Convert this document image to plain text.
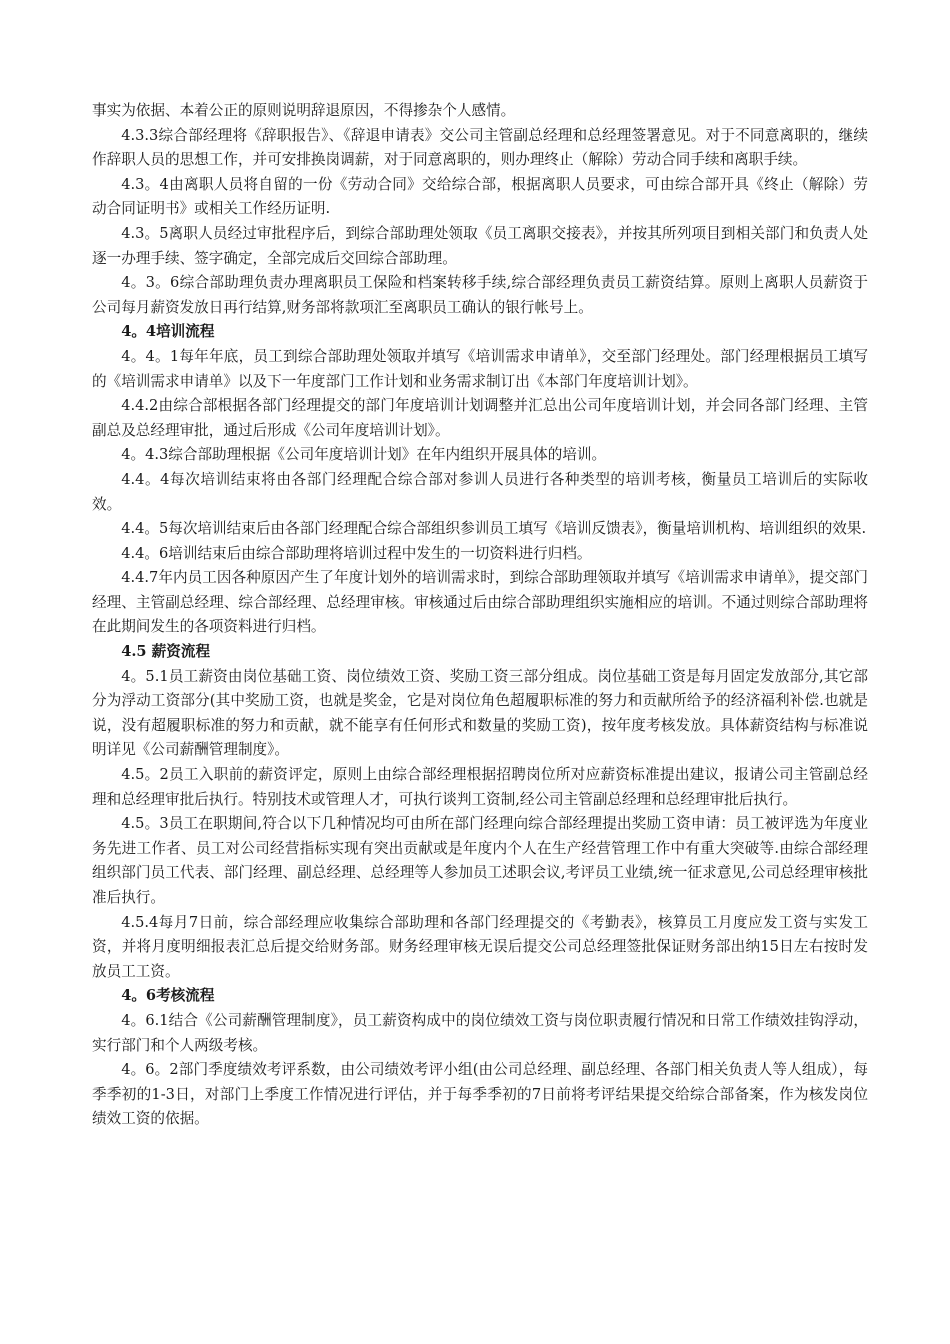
事实为依据、本着公正的原则说明辞退原因，不得掺杂个人感情。

4.3.3综合部经理将《辞职报告》、《辞退申请表》交公司主管副总经理和总经理签署意见。对于不同意离职的，继续作辞职人员的思想工作，并可安排换岗调薪，对于同意离职的，则办理终止（解除）劳动合同手续和离职手续。

4.3。4由离职人员将自留的一份《劳动合同》交给综合部，根据离职人员要求，可由综合部开具《终止（解除）劳动合同证明书》或相关工作经历证明.

4.3。5离职人员经过审批程序后，到综合部助理处领取《员工离职交接表》，并按其所列项目到相关部门和负责人处逐一办理手续、签字确定，全部完成后交回综合部助理。

4。3。6综合部助理负责办理离职员工保险和档案转移手续,综合部经理负责员工薪资结算。原则上离职人员薪资于公司每月薪资发放日再行结算,财务部将款项汇至离职员工确认的银行帐号上。

4。4培训流程

4。4。1每年年底，员工到综合部助理处领取并填写《培训需求申请单》，交至部门经理处。部门经理根据员工填写的《培训需求申请单》以及下一年度部门工作计划和业务需求制订出《本部门年度培训计划》。

4.4.2由综合部根据各部门经理提交的部门年度培训计划调整并汇总出公司年度培训计划，并会同各部门经理、主管副总及总经理审批，通过后形成《公司年度培训计划》。

4。4.3综合部助理根据《公司年度培训计划》在年内组织开展具体的培训。

4.4。4每次培训结束将由各部门经理配合综合部对参训人员进行各种类型的培训考核，衡量员工培训后的实际收效。

4.4。5每次培训结束后由各部门经理配合综合部组织参训员工填写《培训反馈表》，衡量培训机构、培训组织的效果.

4.4。6培训结束后由综合部助理将培训过程中发生的一切资料进行归档。

4.4.7年内员工因各种原因产生了年度计划外的培训需求时，到综合部助理领取并填写《培训需求申请单》，提交部门经理、主管副总经理、综合部经理、总经理审核。审核通过后由综合部助理组织实施相应的培训。不通过则综合部助理将在此期间发生的各项资料进行归档。

4.5 薪资流程

4。5.1员工薪资由岗位基础工资、岗位绩效工资、奖励工资三部分组成。岗位基础工资是每月固定发放部分,其它部分为浮动工资部分(其中奖励工资，也就是奖金，它是对岗位角色超履职标准的努力和贡献所给予的经济福利补偿.也就是说，没有超履职标准的努力和贡献，就不能享有任何形式和数量的奖励工资)，按年度考核发放。具体薪资结构与标准说明详见《公司薪酬管理制度》。

4.5。2员工入职前的薪资评定，原则上由综合部经理根据招聘岗位所对应薪资标准提出建议，报请公司主管副总经理和总经理审批后执行。特别技术或管理人才，可执行谈判工资制,经公司主管副总经理和总经理审批后执行。

4.5。3员工在职期间,符合以下几种情况均可由所在部门经理向综合部经理提出奖励工资申请：员工被评选为年度业务先进工作者、员工对公司经营指标实现有突出贡献或是年度内个人在生产经营管理工作中有重大突破等.由综合部经理组织部门员工代表、部门经理、副总经理、总经理等人参加员工述职会议,考评员工业绩,统一征求意见,公司总经理审核批准后执行。

4.5.4每月7日前，综合部经理应收集综合部助理和各部门经理提交的《考勤表》，核算员工月度应发工资与实发工资，并将月度明细报表汇总后提交给财务部。财务经理审核无误后提交公司总经理签批保证财务部出纳15日左右按时发放员工工资。

4。6考核流程

4。6.1结合《公司薪酬管理制度》，员工薪资构成中的岗位绩效工资与岗位职责履行情况和日常工作绩效挂钩浮动，实行部门和个人两级考核。

4。6。2部门季度绩效考评系数，由公司绩效考评小组(由公司总经理、副总经理、各部门相关负责人等人组成），每季季初的1-3日，对部门上季度工作情况进行评估，并于每季季初的7日前将考评结果提交给综合部备案，作为核发岗位绩效工资的依据。
